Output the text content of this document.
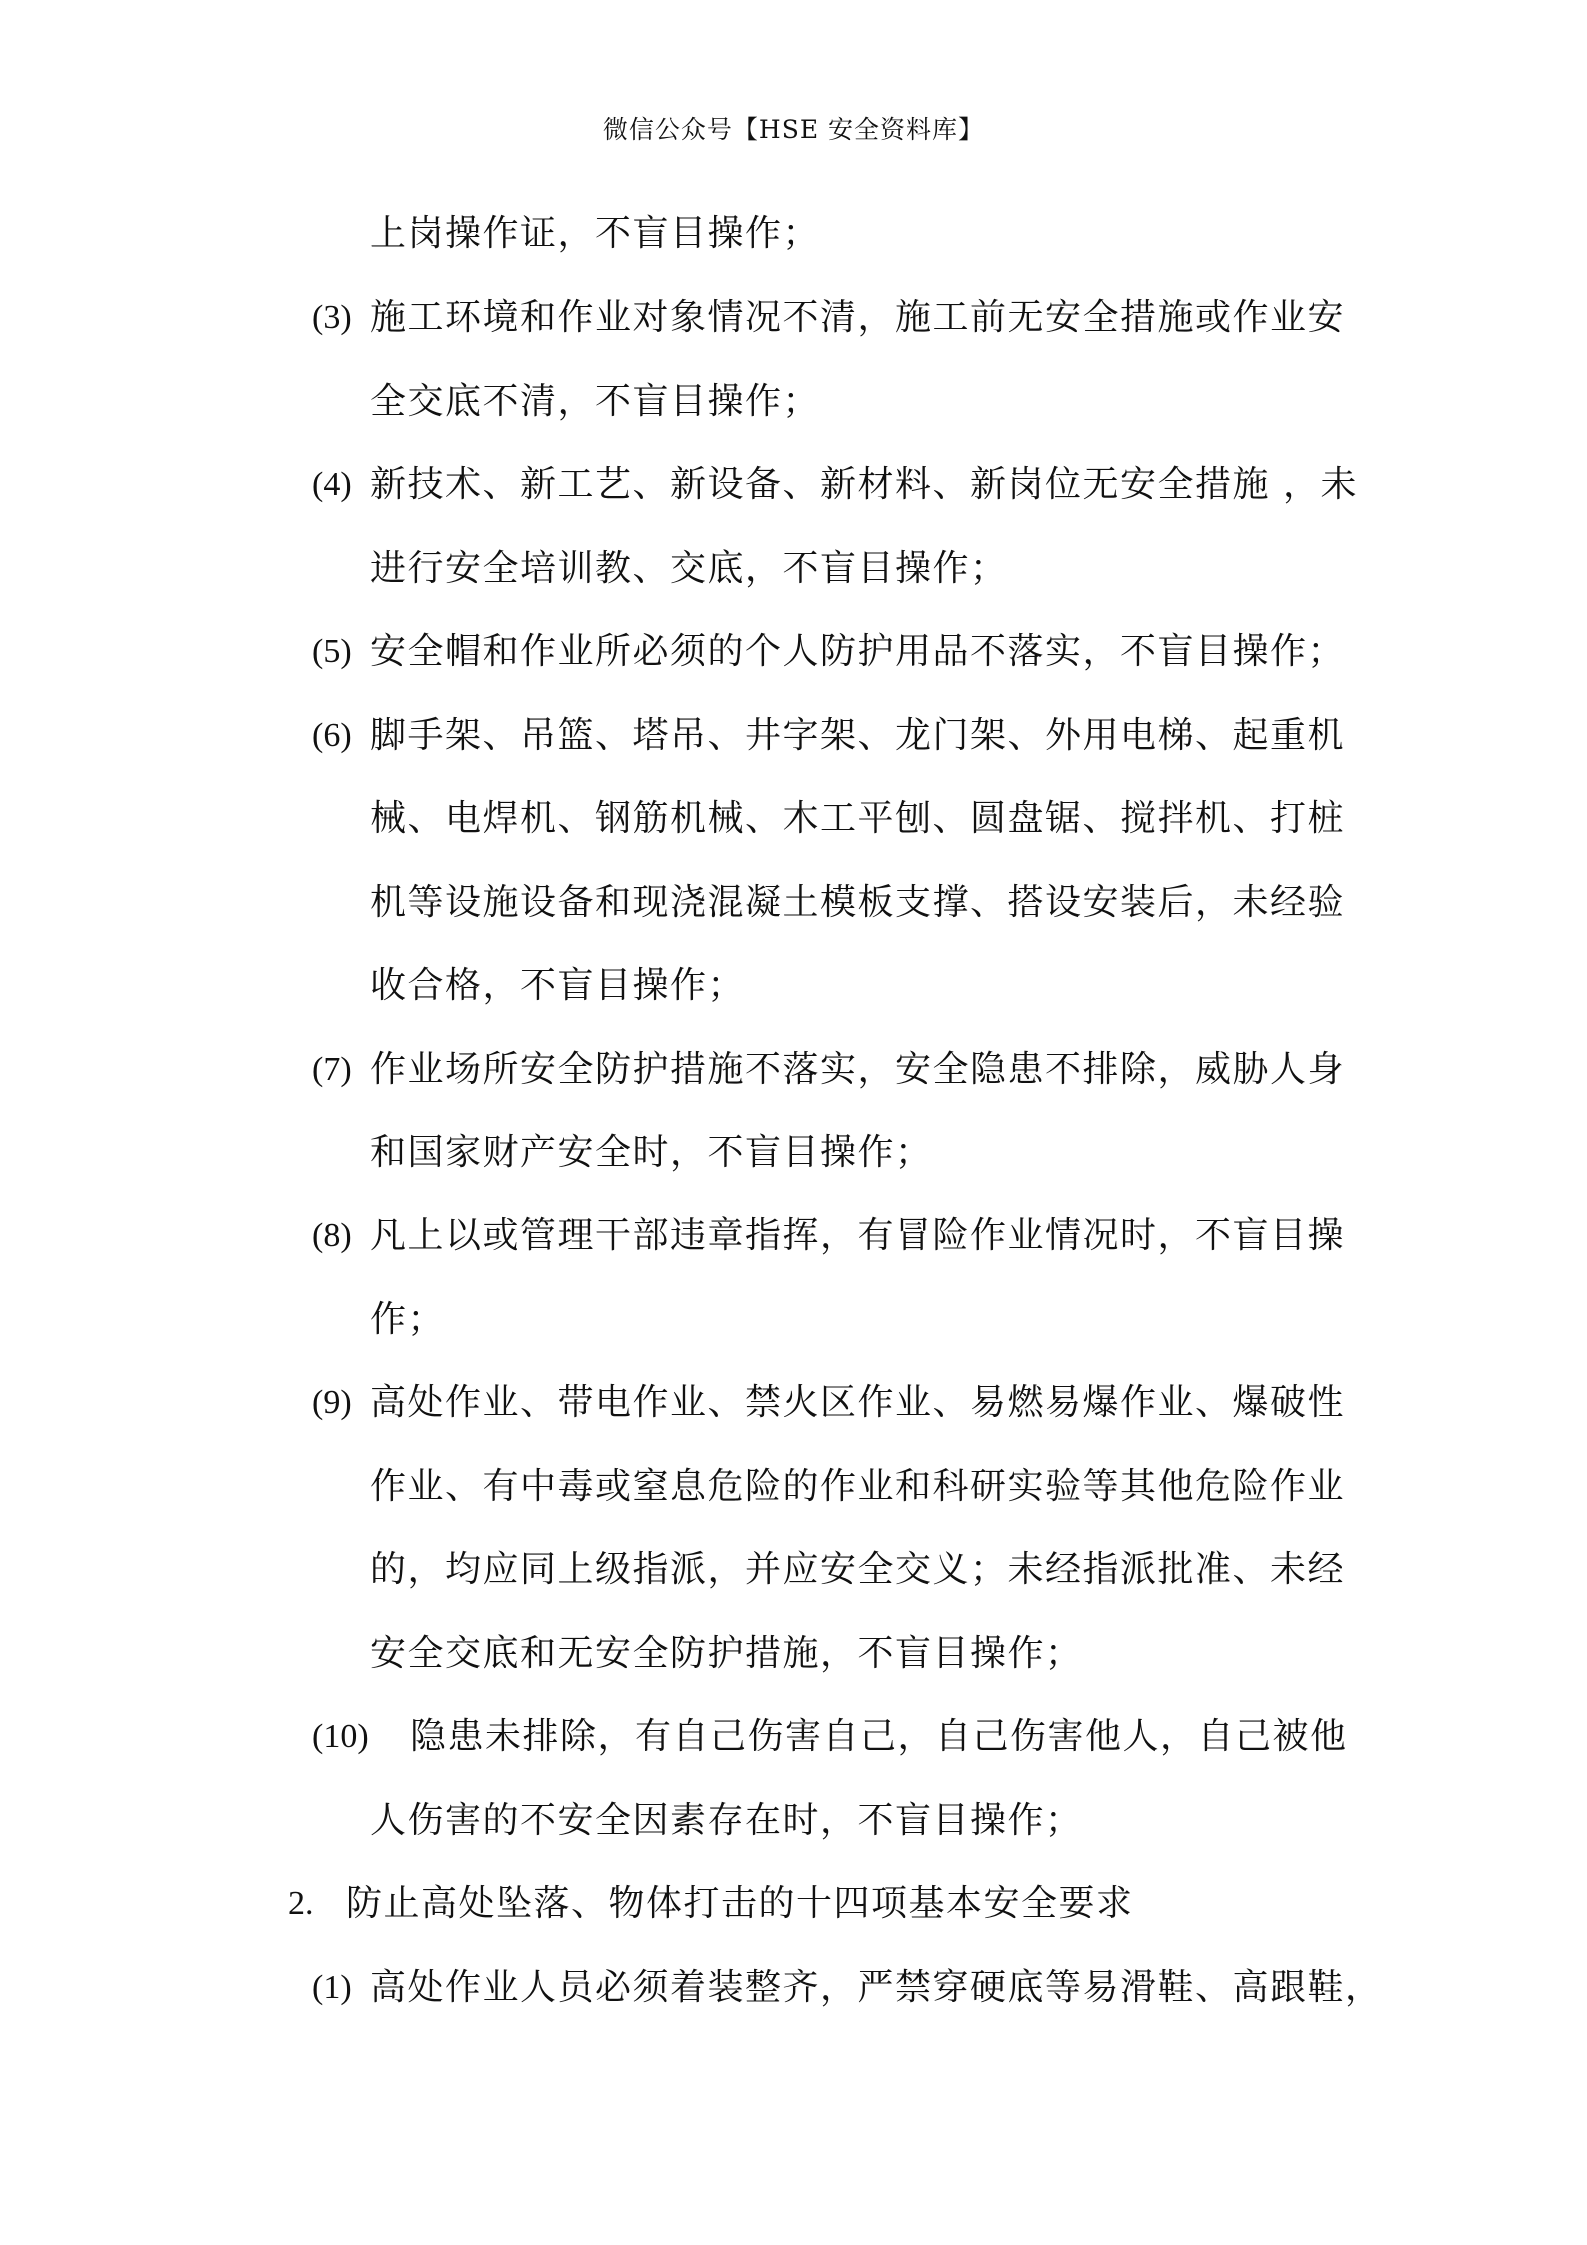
微信公众号【HSE 安全资料库】
上岗操作证，不盲目操作；
(3) 施工环境和作业对象情况不清，施工前无安全措施或作业安
全交底不清，不盲目操作；
(4) 新技术、新工艺、新设备、新材料、新岗位无安全措施 ，未
进行安全培训教、交底，不盲目操作；
(5) 安全帽和作业所必须的个人防护用品不落实，不盲目操作；
(6) 脚手架、吊篮、塔吊、井字架、龙门架、外用电梯、起重机
械、电焊机、钢筋机械、木工平刨、圆盘锯、搅拌机、打桩
机等设施设备和现浇混凝土模板支撑、搭设安装后，未经验
收合格，不盲目操作；
(7) 作业场所安全防护措施不落实，安全隐患不排除，威胁人身
和国家财产安全时，不盲目操作；
(8) 凡上以或管理干部违章指挥，有冒险作业情况时，不盲目操
作；
(9) 高处作业、带电作业、禁火区作业、易燃易爆作业、爆破性
作业、有中毒或窒息危险的作业和科研实验等其他危险作业
的，均应同上级指派，并应安全交义；未经指派批准、未经
安全交底和无安全防护措施，不盲目操作；
(10) 隐患未排除，有自己伤害自己，自己伤害他人，自己被他
人伤害的不安全因素存在时，不盲目操作；
2. 防止高处坠落、物体打击的十四项基本安全要求
(1) 高处作业人员必须着装整齐，严禁穿硬底等易滑鞋、高跟鞋，
